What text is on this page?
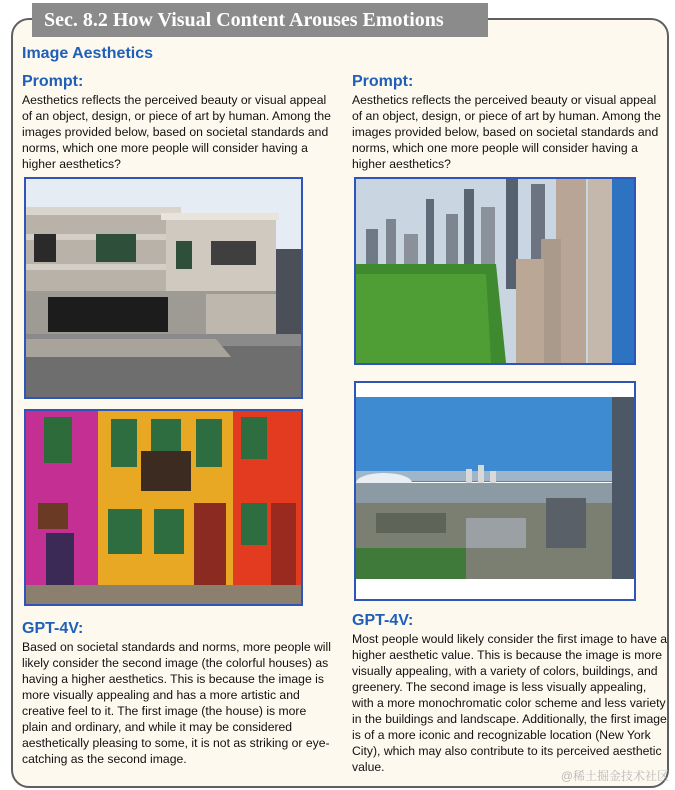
Sec. 8.2 How Visual Content Arouses Emotions
Image Aesthetics
Prompt:
Aesthetics reflects the perceived beauty or visual appeal of an object, design, or piece of art by human. Among the images provided below, based on societal standards and norms, which one more people will consider having a higher aesthetics?
GPT-4V:
Based on societal standards and norms, more people will likely consider the second image (the colorful houses) as having a higher aesthetics. This is because the image is more visually appealing and has a more artistic and creative feel to it. The first image (the house) is more plain and ordinary, and while it may be considered aesthetically pleasing to some, it is not as striking or eye-catching as the second image.
Prompt:
Aesthetics reflects the perceived beauty or visual appeal of an object, design, or piece of art by human. Among the images provided below, based on societal standards and norms, which one more people will consider having a higher aesthetics?
GPT-4V:
Most people would likely consider the first image to have a higher aesthetic value. This is because the image is more visually appealing, with a variety of colors, buildings, and greenery. The second image is less visually appealing, with a more monochromatic color scheme and less variety in the buildings and landscape. Additionally, the first image is of a more iconic and recognizable location (New York City), which may also contribute to its perceived aesthetic value.
@稀土掘金技术社区
